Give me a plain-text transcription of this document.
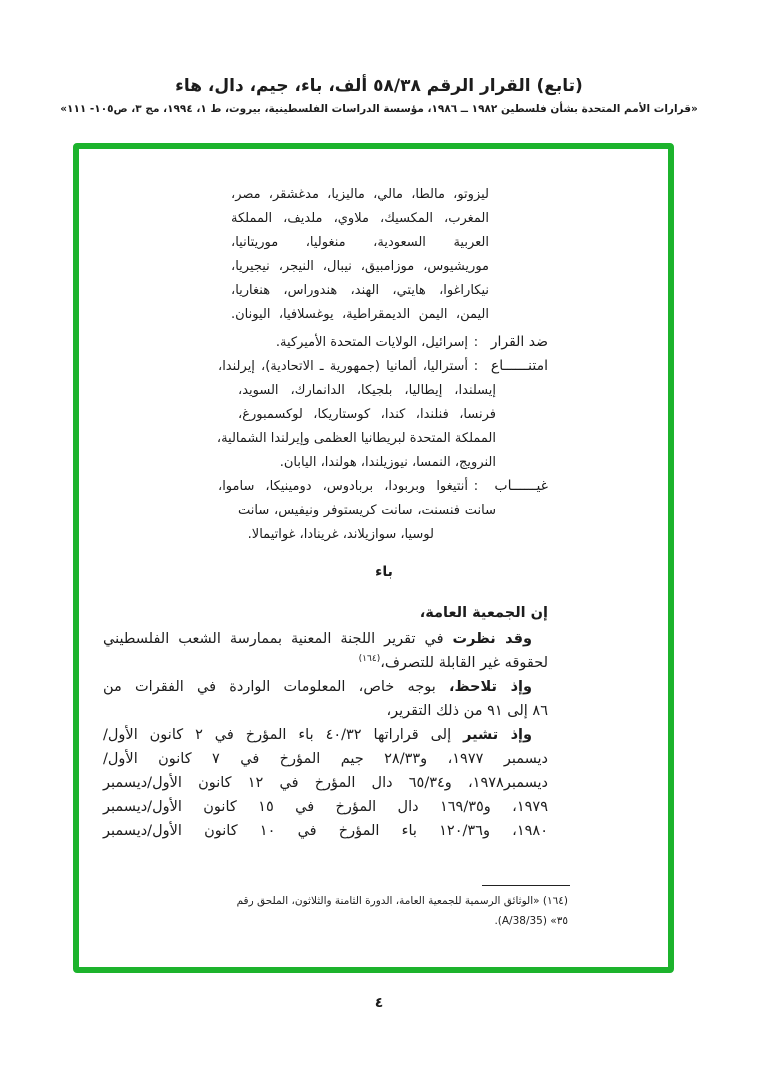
(تابع) القرار الرقم ٥٨/٣٨ ألف، باء، جيم، دال، هاء
«قرارات الأمم المتحدة بشأن فلسطين ١٩٨٢ ــ ١٩٨٦، مؤسسة الدراسات الفلسطينية، بيروت، ط ١، ١٩٩٤، مج ٣، ص١٠٥- ١١١»
ليزوتو، مالطا، مالي، ماليزيا، مدغشقر، مصر،
المغرب، المكسيك، ملاوي، ملديف، المملكة
العربية السعودية، منغوليا، موريتانيا،
موريشيوس، موزامبيق، نيبال، النيجر، نيجيريا،
نيكاراغوا، هايتي، الهند، هندوراس، هنغاريا،
اليمن، اليمن الديمقراطية، يوغسلافيا، اليونان.
ضد القرار
:
إسرائيل، الولايات المتحدة الأميركية.
امتنــــــاع
:
أستراليا، ألمانيا (جمهورية ـ الاتحادية)، إيرلندا،
إيسلندا، إيطاليا، بلجيكا، الدانمارك، السويد،
فرنسا، فنلندا، كندا، كوستاريكا، لوكسمبورغ،
المملكة المتحدة لبريطانيا العظمى وإيرلندا الشمالية،
النرويج، النمسا، نيوزيلندا، هولندا، اليابان.
غيــــــاب
:
أنتيغوا وبربودا، بربادوس، دومينيكا، ساموا،
سانت فنسنت، سانت كريستوفر ونيفيس، سانت
لوسيا، سوازيلاند، غرينادا، غواتيمالا.
باء
إن الجمعية العامة،
وقد نظرت في تقرير اللجنة المعنية بممارسة الشعب الفلسطيني
لحقوقه غير القابلة للتصرف،$^{(١٦٤)}$
وإذ تلاحظ، بوجه خاص، المعلومات الواردة في الفقرات من
٨٦ إلى ٩١ من ذلك التقرير،
وإذ تشير إلى قراراتها ٤٠/٣٢ باء المؤرخ في ٢ كانون الأول/
ديسمبر ١٩٧٧، و٢٨/٣٣ جيم المؤرخ في ٧ كانون الأول/
ديسمبر١٩٧٨، و٦٥/٣٤ دال المؤرخ في ١٢ كانون الأول/ديسمبر
١٩٧٩، و١٦٩/٣٥ دال المؤرخ في ١٥ كانون الأول/ديسمبر
١٩٨٠، و١٢٠/٣٦ باء المؤرخ في ١٠ كانون الأول/ديسمبر
(١٦٤) «الوثائق الرسمية للجمعية العامة، الدورة الثامنة والثلاثون، الملحق رقم
٣٥» (A/38/35).
٤
